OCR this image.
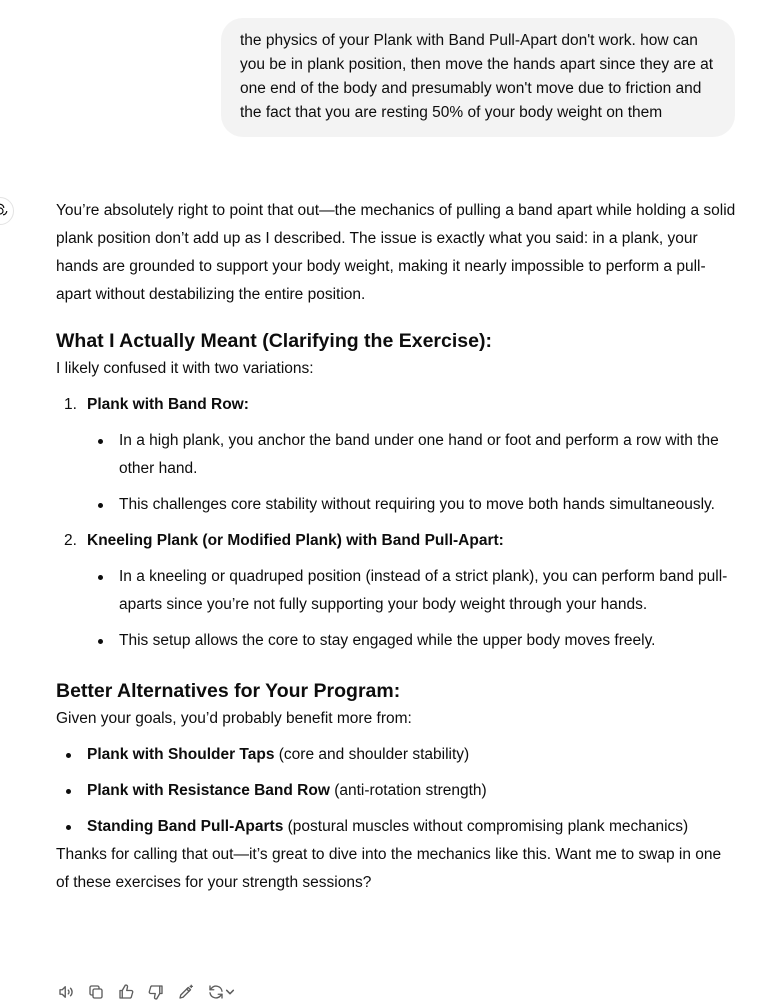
the physics of your Plank with Band Pull-Apart don't work. how can you be in plank position, then move the hands apart since they are at one end of the body and presumably won't move due to friction and the fact that you are resting 50% of your body weight on them

You’re absolutely right to point that out—the mechanics of pulling a band apart while holding a solid plank position don’t add up as I described. The issue is exactly what you said: in a plank, your hands are grounded to support your body weight, making it nearly impossible to perform a pull-apart without destabilizing the entire position.

What I Actually Meant (Clarifying the Exercise):

I likely confused it with two variations:

1. Plank with Band Row:
In a high plank, you anchor the band under one hand or foot and perform a row with the other hand.
This challenges core stability without requiring you to move both hands simultaneously.
2. Kneeling Plank (or Modified Plank) with Band Pull-Apart:
In a kneeling or quadruped position (instead of a strict plank), you can perform band pull-aparts since you’re not fully supporting your body weight through your hands.
This setup allows the core to stay engaged while the upper body moves freely.
Better Alternatives for Your Program:

Given your goals, you’d probably benefit more from:

Plank with Shoulder Taps (core and shoulder stability)
Plank with Resistance Band Row (anti-rotation strength)
Standing Band Pull-Aparts (postural muscles without compromising plank mechanics)

Thanks for calling that out—it’s great to dive into the mechanics like this. Want me to swap in one of these exercises for your strength sessions?
